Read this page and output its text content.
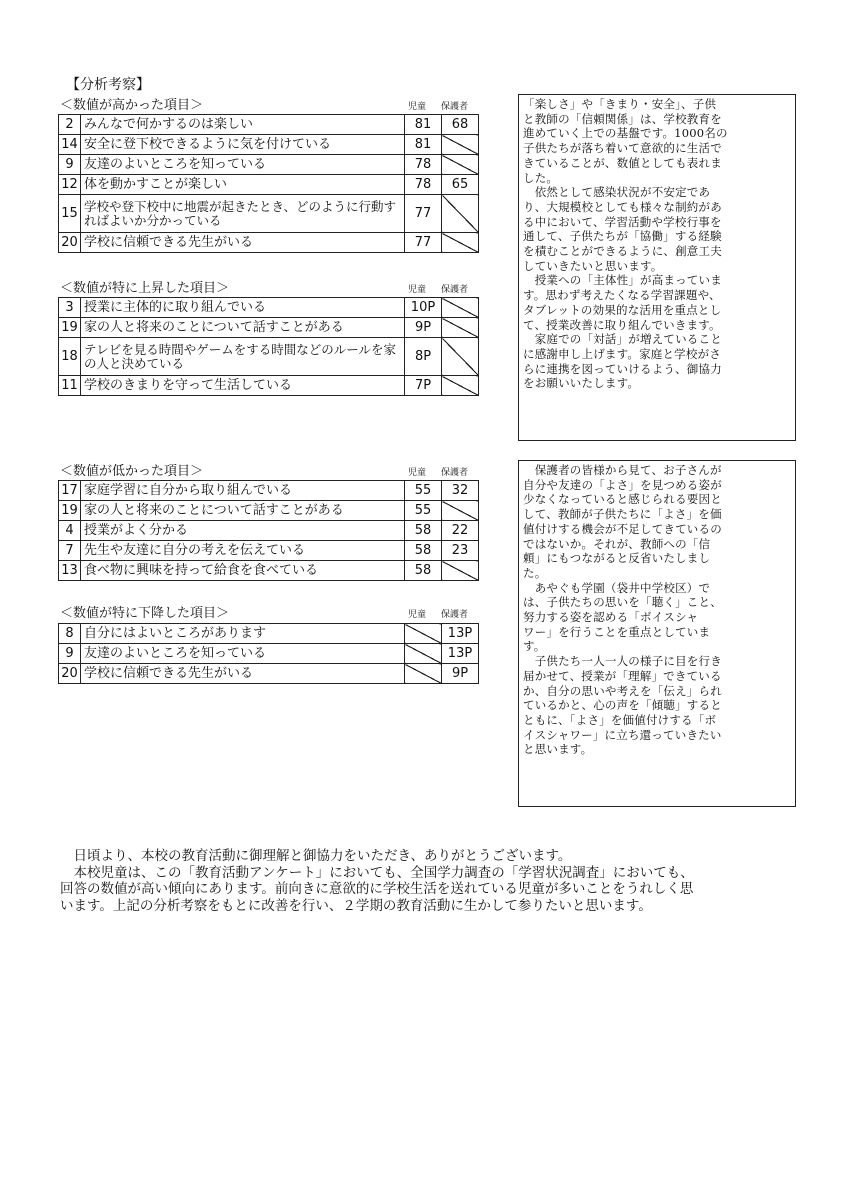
【分析考察】
＜数値が高かった項目＞	児童 保護者
2	みんなで何かするのは楽しい	81	68
14	安全に登下校できるように気を付けている	81	
9	友達のよいところを知っている	78	
12	体を動かすことが楽しい	78	65
15	学校や登下校中に地震が起きたとき、どのように行動すればよいか分かっている	77	
20	学校に信頼できる先生がいる	77	
＜数値が特に上昇した項目＞	児童 保護者
3	授業に主体的に取り組んでいる	10P	
19	家の人と将来のことについて話すことがある	9P	
18	テレビを見る時間やゲームをする時間などのルールを家の人と決めている	8P	
11	学校のきまりを守って生活している	7P	
「楽しさ」や「きまり・安全」、子供
と教師の「信頼関係」は、学校教育を
進めていく上での基盤です。1000名の
子供たちが落ち着いて意欲的に生活で
きていることが、数値としても表れま
した。
　依然として感染状況が不安定であ
り、大規模校としても様々な制約があ
る中において、学習活動や学校行事を
通して、子供たちが「協働」する経験
を積むことができるように、創意工夫
していきたいと思います。
　授業への「主体性」が高まっていま
す。思わず考えたくなる学習課題や、
タブレットの効果的な活用を重点とし
て、授業改善に取り組んでいきます。
　家庭での「対話」が増えていること
に感謝申し上げます。家庭と学校がさ
らに連携を図っていけるよう、御協力
をお願いいたします。
＜数値が低かった項目＞	児童 保護者
17	家庭学習に自分から取り組んでいる	55	32
19	家の人と将来のことについて話すことがある	55	
4	授業がよく分かる	58	22
7	先生や友達に自分の考えを伝えている	58	23
13	食べ物に興味を持って給食を食べている	58	
＜数値が特に下降した項目＞	児童 保護者
8	自分にはよいところがあります		13P
9	友達のよいところを知っている		13P
20	学校に信頼できる先生がいる		9P
　保護者の皆様から見て、お子さんが
自分や友達の「よさ」を見つめる姿が
少なくなっていると感じられる要因と
して、教師が子供たちに「よさ」を価
値付けする機会が不足してきているの
ではないか。それが、教師への「信
頼」にもつながると反省いたしまし
た。
　あやぐも学園（袋井中学校区）で
は、子供たちの思いを「聴く」こと、
努力する姿を認める「ボイスシャ
ワー」を行うことを重点としていま
す。
　子供たち一人一人の様子に目を行き
届かせて、授業が「理解」できている
か、自分の思いや考えを「伝え」られ
ているかと、心の声を「傾聴」すると
ともに、「よさ」を価値付けする「ボ
イスシャワー」に立ち還っていきたい
と思います。
　日頃より、本校の教育活動に御理解と御協力をいただき、ありがとうございます。
　本校児童は、この「教育活動アンケート」においても、全国学力調査の「学習状況調査」においても、
回答の数値が高い傾向にあります。前向きに意欲的に学校生活を送れている児童が多いことをうれしく思
います。上記の分析考察をもとに改善を行い、２学期の教育活動に生かして参りたいと思います。
